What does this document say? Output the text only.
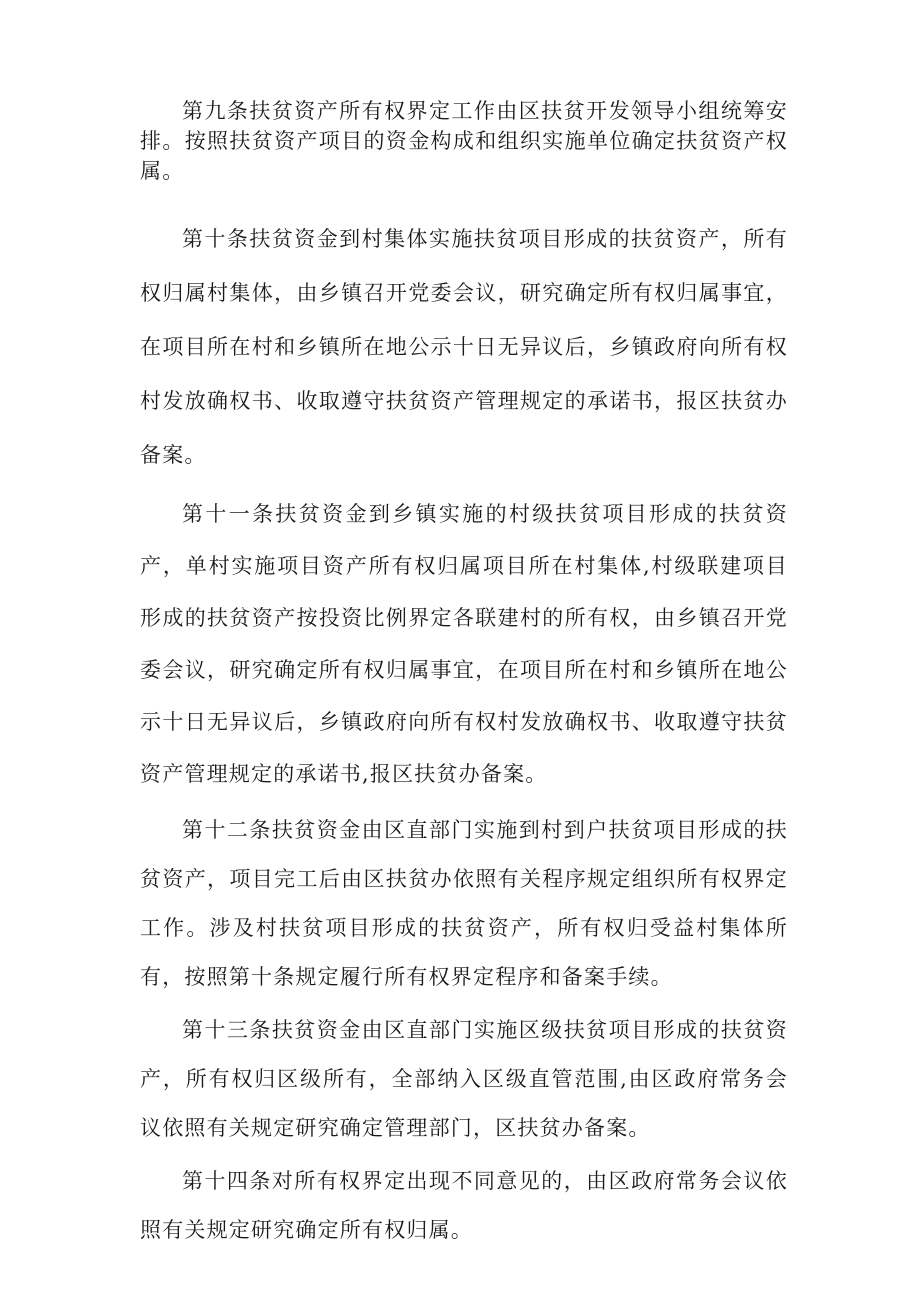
第九条扶贫资产所有权界定工作由区扶贫开发领导小组统筹安排。按照扶贫资产项目的资金构成和组织实施单位确定扶贫资产权属。

第十条扶贫资金到村集体实施扶贫项目形成的扶贫资产，所有权归属村集体，由乡镇召开党委会议，研究确定所有权归属事宜，在项目所在村和乡镇所在地公示十日无异议后，乡镇政府向所有权村发放确权书、收取遵守扶贫资产管理规定的承诺书，报区扶贫办备案。

第十一条扶贫资金到乡镇实施的村级扶贫项目形成的扶贫资产，单村实施项目资产所有权归属项目所在村集体,村级联建项目形成的扶贫资产按投资比例界定各联建村的所有权，由乡镇召开党委会议，研究确定所有权归属事宜，在项目所在村和乡镇所在地公示十日无异议后，乡镇政府向所有权村发放确权书、收取遵守扶贫资产管理规定的承诺书,报区扶贫办备案。

第十二条扶贫资金由区直部门实施到村到户扶贫项目形成的扶贫资产，项目完工后由区扶贫办依照有关程序规定组织所有权界定工作。涉及村扶贫项目形成的扶贫资产，所有权归受益村集体所有，按照第十条规定履行所有权界定程序和备案手续。

第十三条扶贫资金由区直部门实施区级扶贫项目形成的扶贫资产，所有权归区级所有，全部纳入区级直管范围,由区政府常务会议依照有关规定研究确定管理部门，区扶贫办备案。

第十四条对所有权界定出现不同意见的，由区政府常务会议依照有关规定研究确定所有权归属。
